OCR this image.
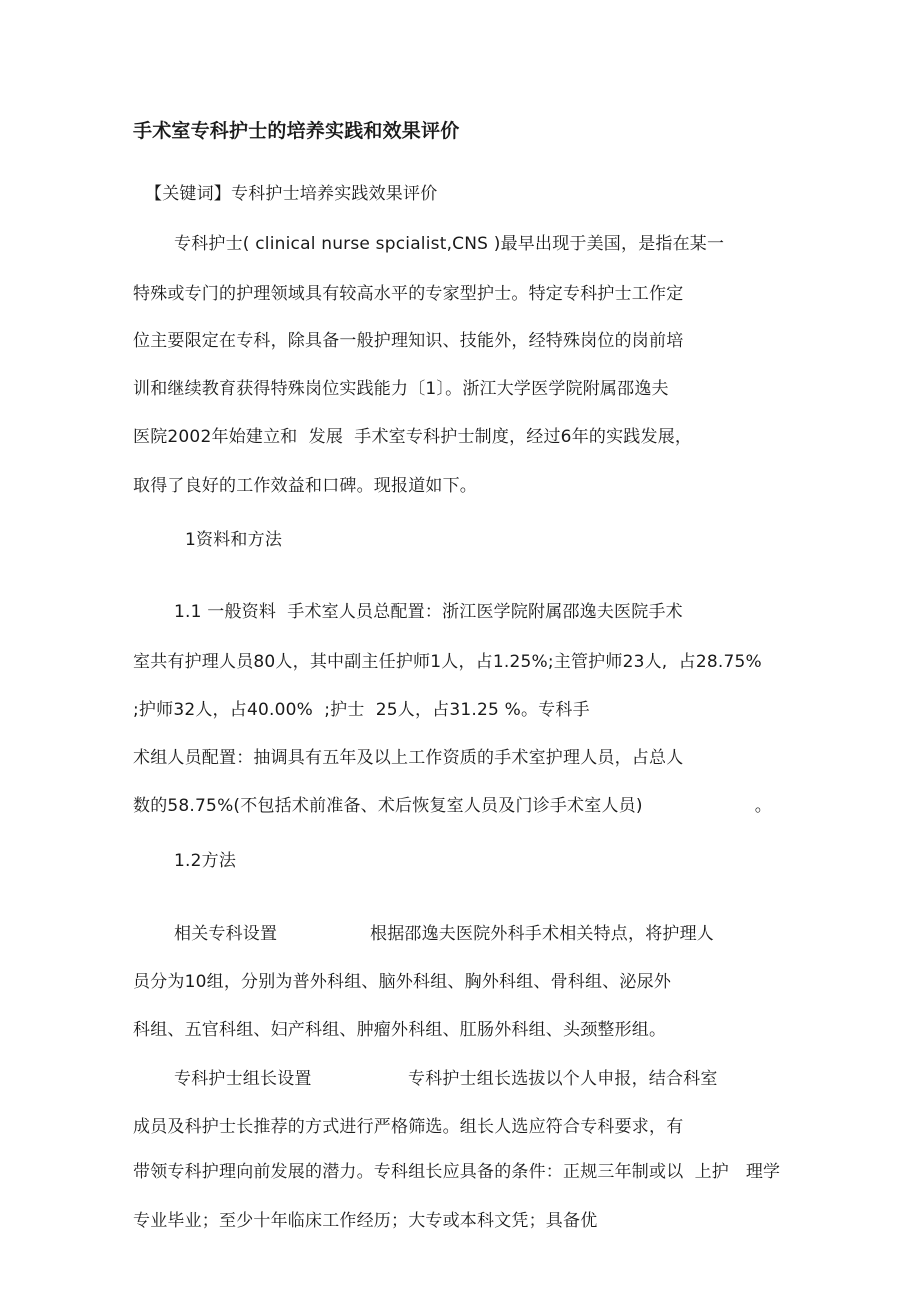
手术室专科护士的培养实践和效果评价
【关键词】专科护士培养实践效果评价
专科护士( clinical nurse spcialist,CNS )最早出现于美国，是指在某一
特殊或专门的护理领域具有较高水平的专家型护士。特定专科护士工作定
位主要限定在专科，除具备一般护理知识、技能外，经特殊岗位的岗前培
训和继续教育获得特殊岗位实践能力〔1〕。浙江大学医学院附属邵逸夫
医院2002年始建立和  发展  手术室专科护士制度，经过6年的实践发展，
取得了良好的工作效益和口碑。现报道如下。
1资料和方法
1.1 一般资料  手术室人员总配置：浙江医学院附属邵逸夫医院手术
室共有护理人员80人，其中副主任护师1人，占1.25%;主管护师23人,  占28.75%
;护师32人，占40.00%  ;护士  25人，占31.25 %。专科手
术组人员配置：抽调具有五年及以上工作资质的手术室护理人员，占总人
数的58.75%(不包括术前准备、术后恢复室人员及门诊手术室人员)                    。
1.2方法
相关专科设置	根据邵逸夫医院外科手术相关特点，将护理人
员分为10组，分别为普外科组、脑外科组、胸外科组、骨科组、泌尿外
科组、五官科组、妇产科组、肿瘤外科组、肛肠外科组、头颈整形组。
专科护士组长设置	专科护士组长选拔以个人申报，结合科室
成员及科护士长推荐的方式进行严格筛选。组长人选应符合专科要求，有
带领专科护理向前发展的潜力。专科组长应具备的条件：正规三年制或以  上护   理学
专业毕业；至少十年临床工作经历；大专或本科文凭；具备优
